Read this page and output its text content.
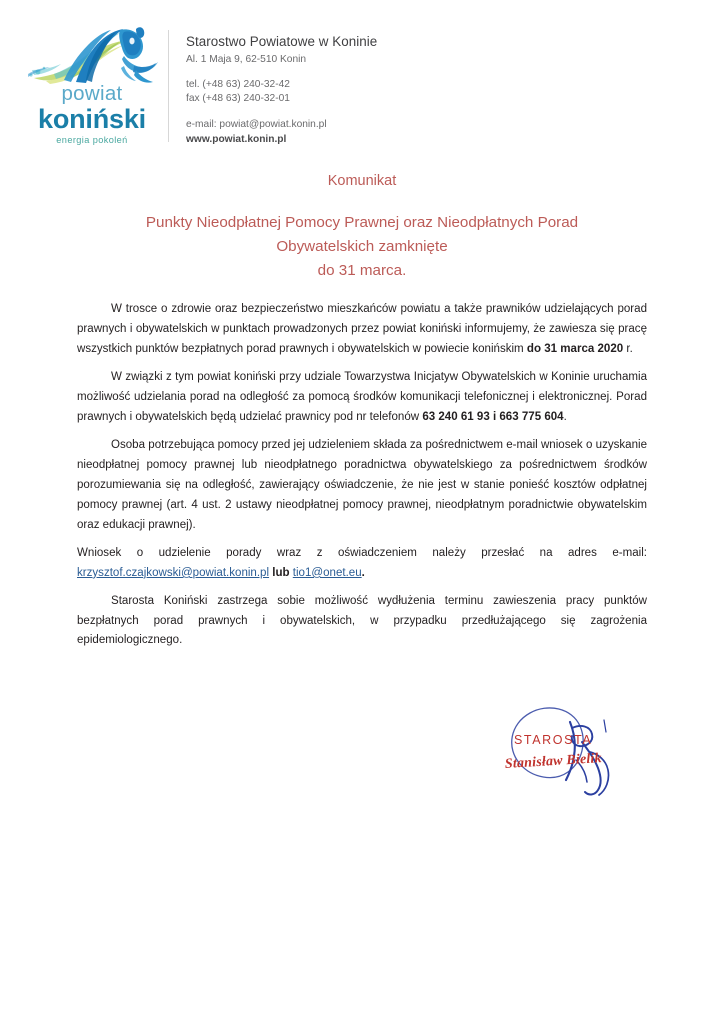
powiat
koniński
energia pokoleń
Starostwo Powiatowe w Koninie
Al. 1 Maja 9, 62-510 Konin
tel. (+48 63) 240-32-42
fax (+48 63) 240-32-01
e-mail: powiat@powiat.konin.pl
www.powiat.konin.pl
Komunikat
Punkty Nieodpłatnej Pomocy Prawnej oraz Nieodpłatnych Porad
Obywatelskich zamknięte
do 31 marca.

W trosce o zdrowie oraz bezpieczeństwo mieszkańców powiatu a także prawników udzielających porad prawnych i obywatelskich w punktach prowadzonych przez powiat koniński informujemy, że zawiesza się pracę wszystkich punktów bezpłatnych porad prawnych i obywatelskich w powiecie konińskim do 31 marca 2020 r.

W związki z tym powiat koniński przy udziale Towarzystwa Inicjatyw Obywatelskich w Koninie uruchamia możliwość udzielania porad na odległość za pomocą środków komunikacji telefonicznej i elektronicznej. Porad prawnych i obywatelskich będą udzielać prawnicy pod nr telefonów 63 240 61 93 i 663 775 604.

Osoba potrzebująca pomocy przed jej udzieleniem składa za pośrednictwem e-mail wniosek o uzyskanie nieodpłatnej pomocy prawnej lub nieodpłatnego poradnictwa obywatelskiego za pośrednictwem środków porozumiewania się na odległość, zawierający oświadczenie, że nie jest w stanie ponieść kosztów odpłatnej pomocy prawnej (art. 4 ust. 2 ustawy nieodpłatnej pomocy prawnej, nieodpłatnym poradnictwie obywatelskim oraz edukacji prawnej).

Wniosek o udzielenie porady wraz z oświadczeniem należy przesłać na adres e-mail: krzysztof.czajkowski@powiat.konin.pl lub tio1@onet.eu.

Starosta Koniński zastrzega sobie możliwość wydłużenia terminu zawieszenia pracy punktów bezpłatnych porad prawnych i obywatelskich, w przypadku przedłużającego się zagrożenia epidemiologicznego.

STAROSTA
Stanisław Bielik
